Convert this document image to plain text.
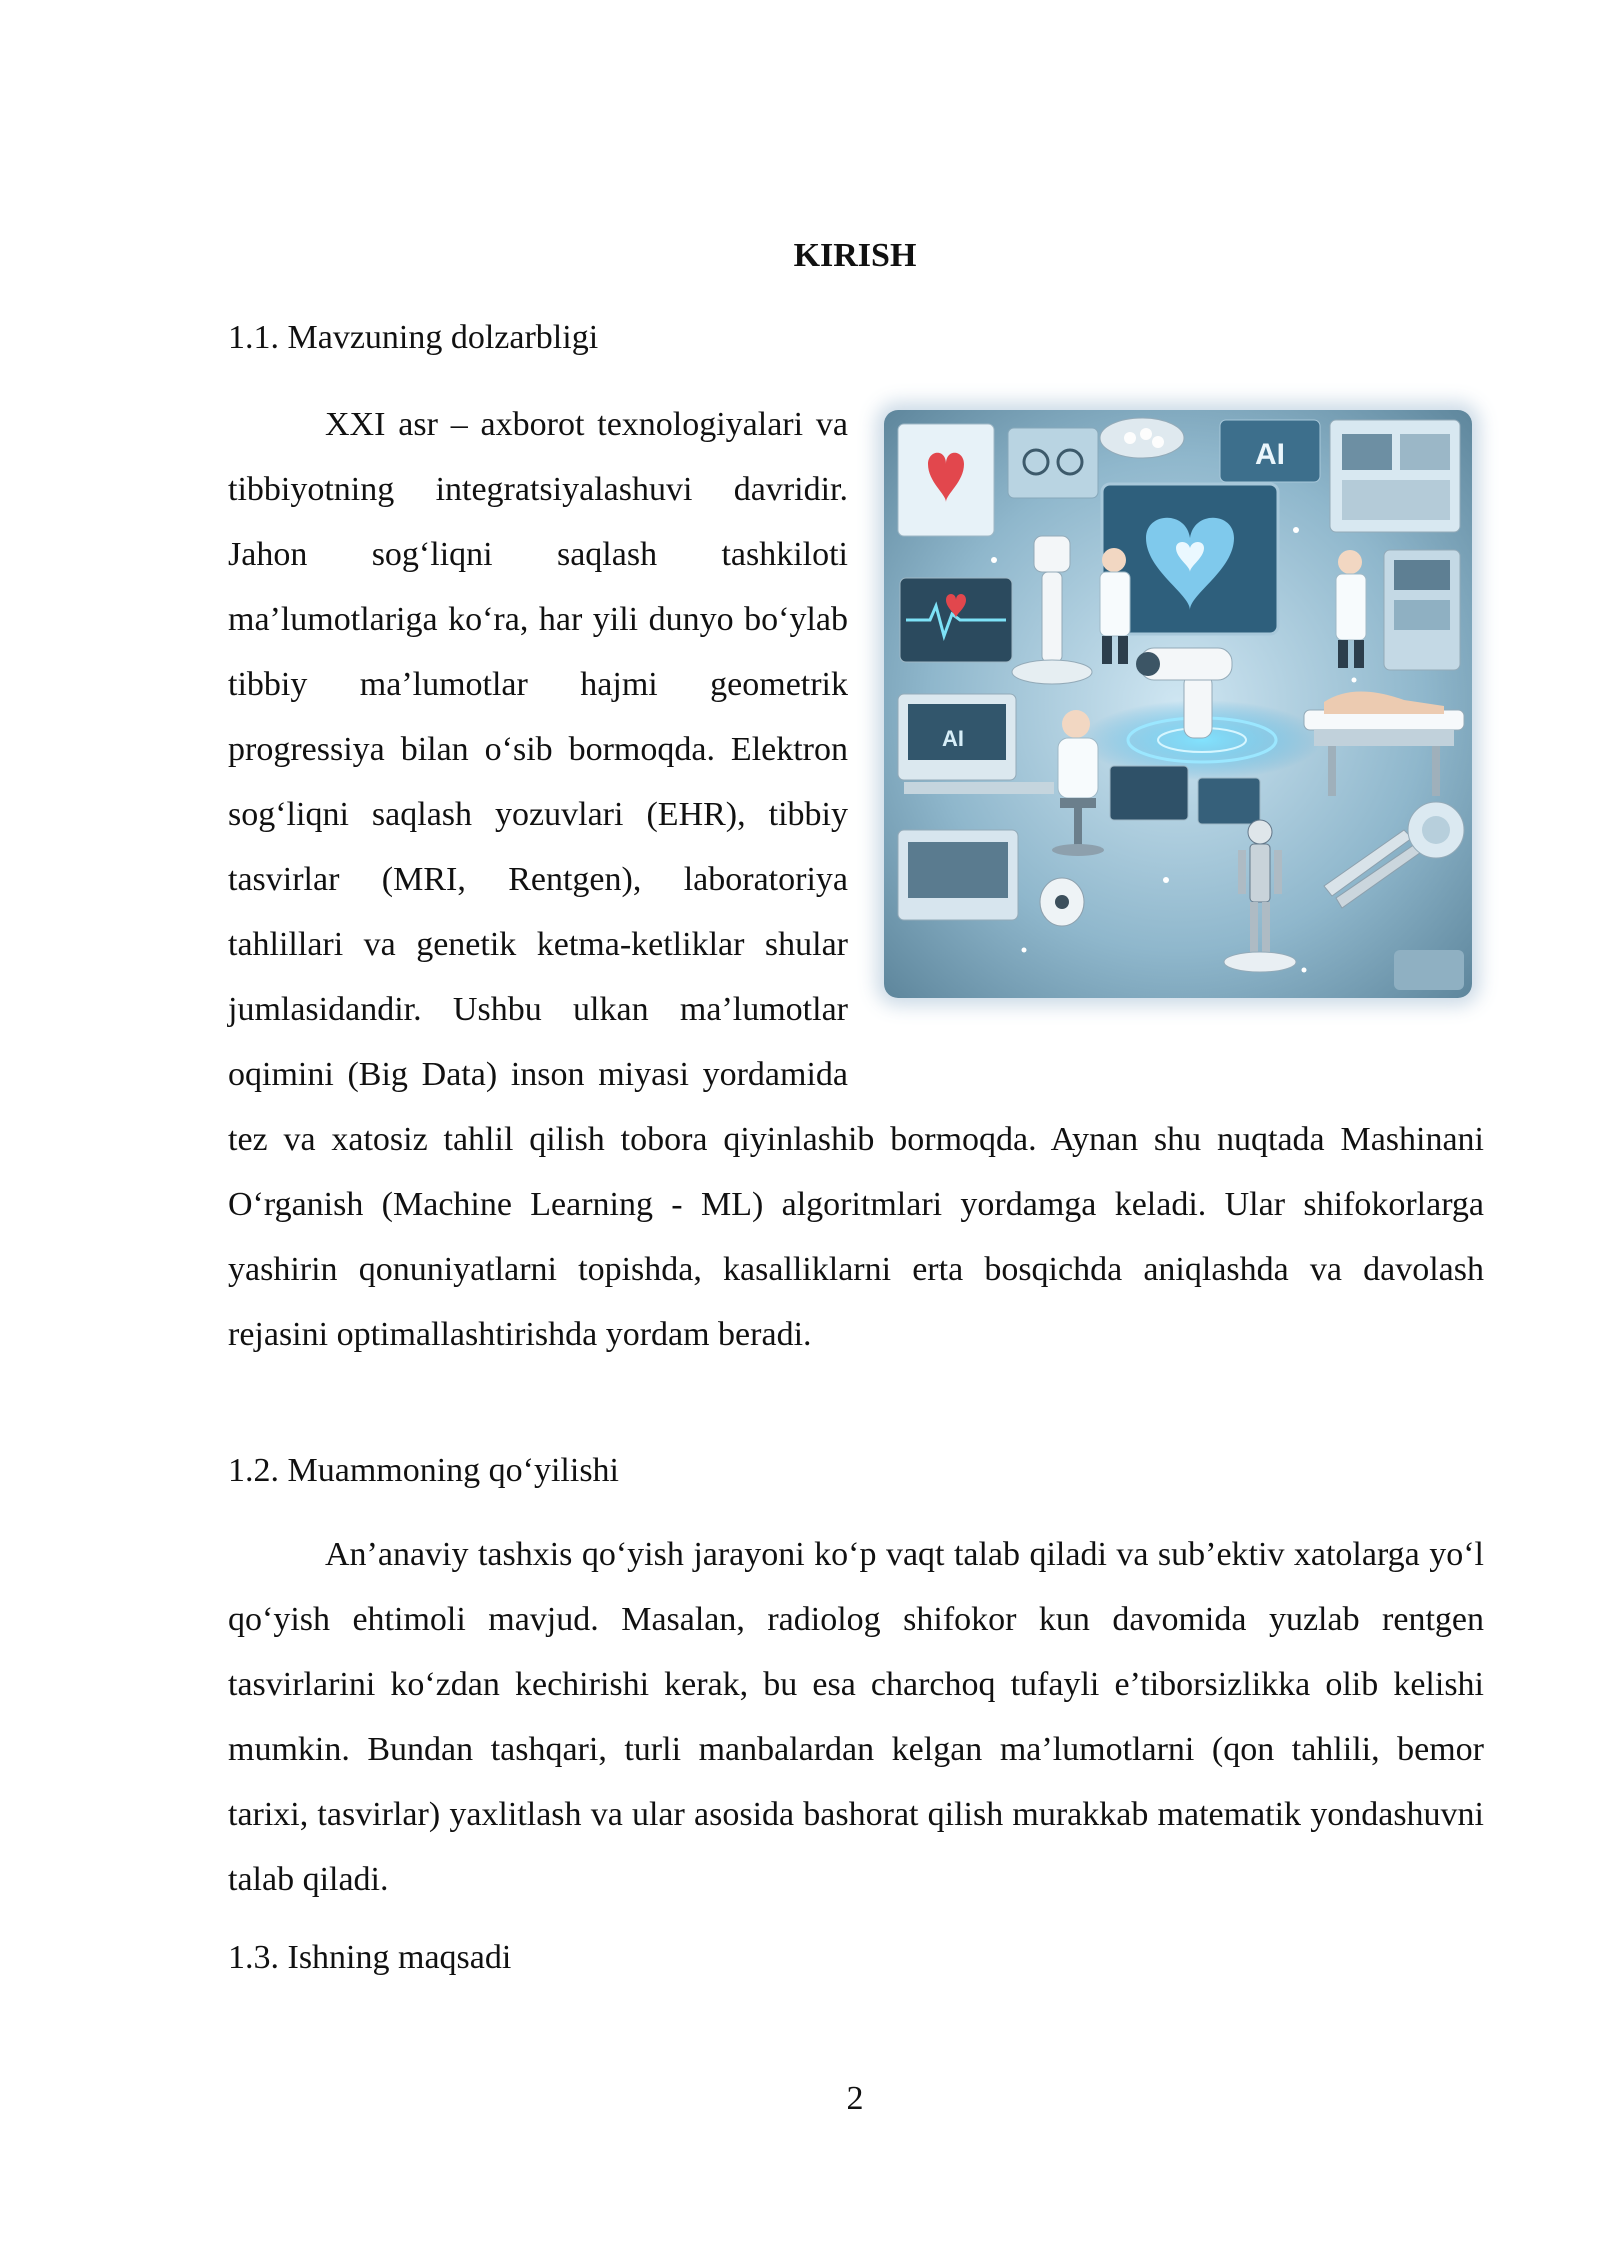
KIRISH
1.1. Mavzuning dolzarbligi
AI
AI
XXI asr – axborot texnologiyalari va tibbiyotning integratsiyalashuvi davridir. Jahon sog‘liqni saqlash tashkiloti ma’lumotlariga ko‘ra, har yili dunyo bo‘ylab tibbiy ma’lumotlar hajmi geometrik progressiya bilan o‘sib bormoqda. Elektron sog‘liqni saqlash yozuvlari (EHR), tibbiy tasvirlar (MRI, Rentgen), laboratoriya tahlillari va genetik ketma-ketliklar shular jumlasidandir. Ushbu ulkan ma’lumotlar oqimini (Big Data) inson miyasi yordamida tez va xatosiz tahlil qilish tobora qiyinlashib bormoqda. Aynan shu nuqtada Mashinani O‘rganish (Machine Learning - ML) algoritmlari yordamga keladi. Ular shifokorlarga yashirin qonuniyatlarni topishda, kasalliklarni erta bosqichda aniqlashda va davolash rejasini optimallashtirishda yordam beradi.
1.2. Muammoning qo‘yilishi
An’anaviy tashxis qo‘yish jarayoni ko‘p vaqt talab qiladi va sub’ektiv xatolarga yo‘l qo‘yish ehtimoli mavjud. Masalan, radiolog shifokor kun davomida yuzlab rentgen tasvirlarini ko‘zdan kechirishi kerak, bu esa charchoq tufayli e’tiborsizlikka olib kelishi mumkin. Bundan tashqari, turli manbalardan kelgan ma’lumotlarni (qon tahlili, bemor tarixi, tasvirlar) yaxlitlash va ular asosida bashorat qilish murakkab matematik yondashuvni talab qiladi.
1.3. Ishning maqsadi
2
